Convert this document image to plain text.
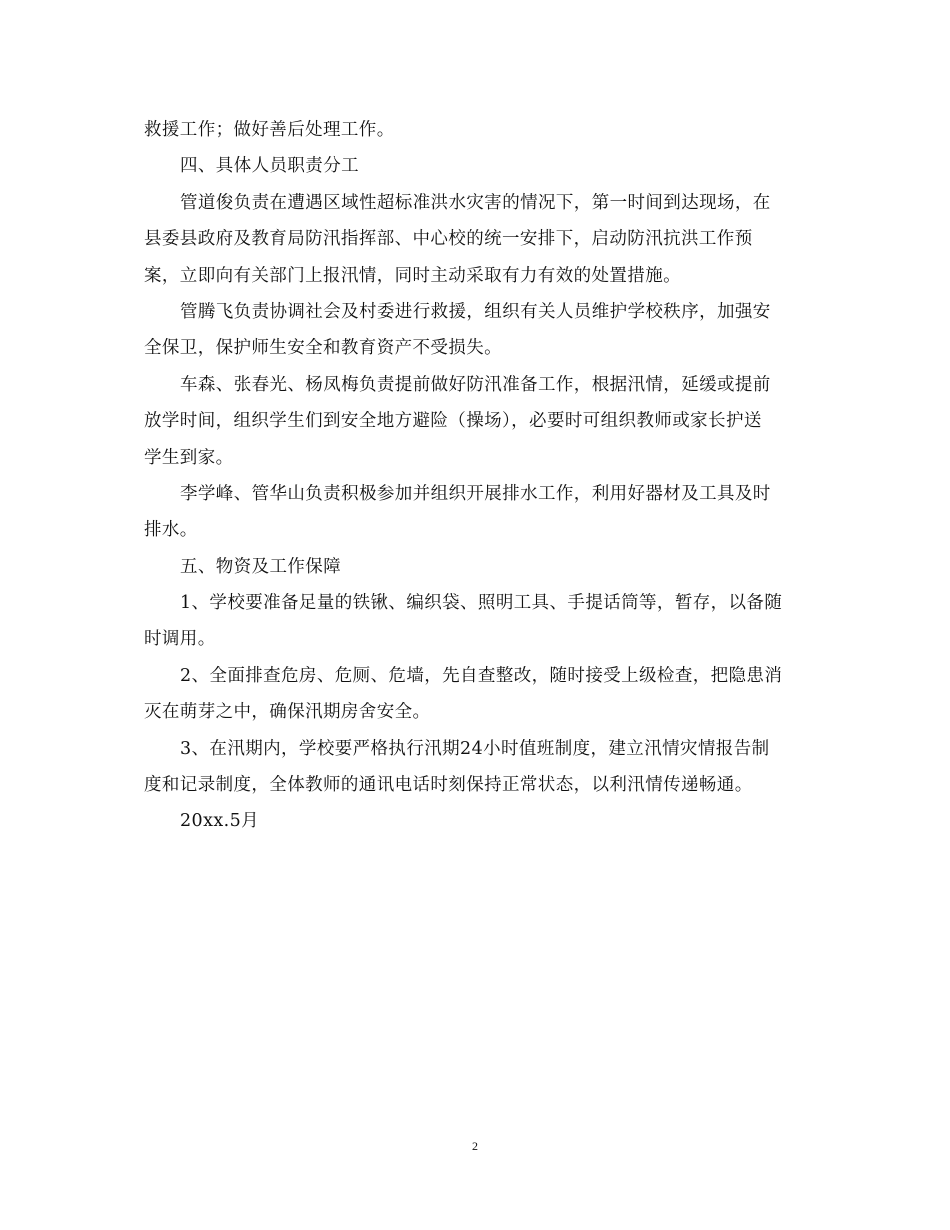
救援工作；做好善后处理工作。
四、具体人员职责分工
管道俊负责在遭遇区域性超标准洪水灾害的情况下，第一时间到达现场，在
县委县政府及教育局防汛指挥部、中心校的统一安排下，启动防汛抗洪工作预
案，立即向有关部门上报汛情，同时主动采取有力有效的处置措施。
管腾飞负责协调社会及村委进行救援，组织有关人员维护学校秩序，加强安
全保卫，保护师生安全和教育资产不受损失。
车森、张春光、杨凤梅负责提前做好防汛准备工作，根据汛情，延缓或提前
放学时间，组织学生们到安全地方避险（操场），必要时可组织教师或家长护送
学生到家。
李学峰、管华山负责积极参加并组织开展排水工作，利用好器材及工具及时
排水。
五、物资及工作保障
1、学校要准备足量的铁锹、编织袋、照明工具、手提话筒等，暂存，以备随
时调用。
2、全面排查危房、危厕、危墙，先自查整改，随时接受上级检查，把隐患消
灭在萌芽之中，确保汛期房舍安全。
3、在汛期内，学校要严格执行汛期24小时值班制度，建立汛情灾情报告制
度和记录制度，全体教师的通讯电话时刻保持正常状态，以利汛情传递畅通。
20xx.5月
2
